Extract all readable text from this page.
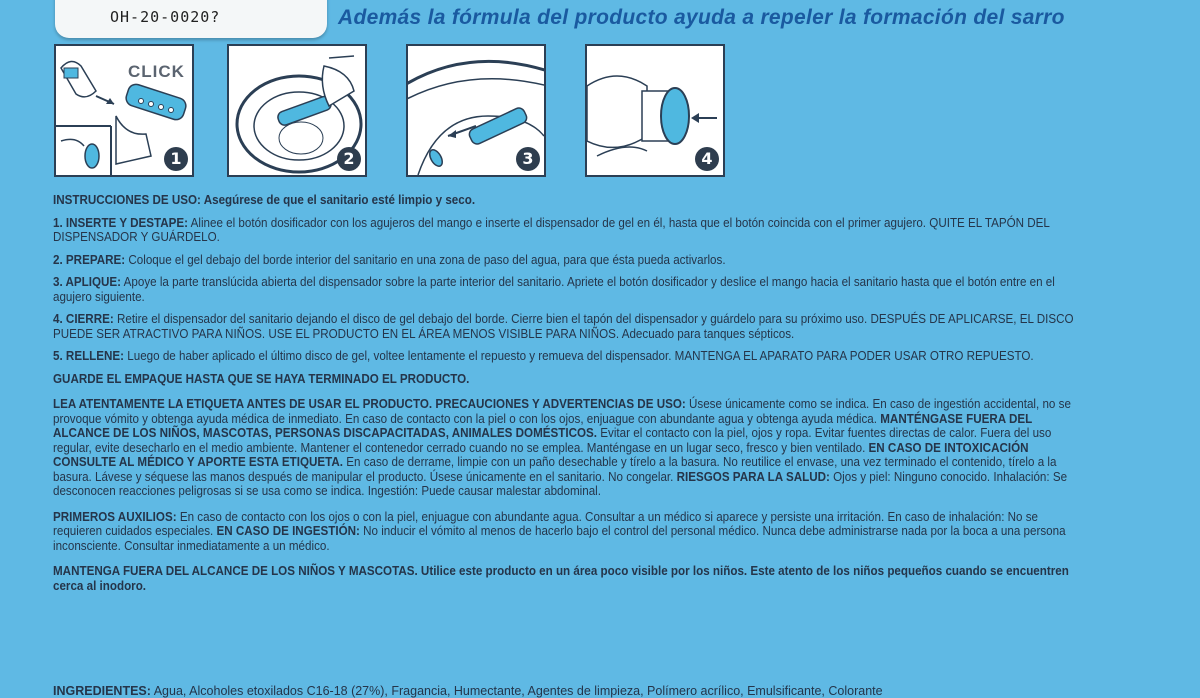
OH-20-0020?	Además la fórmula del producto ayuda a repeler la formación del sarro
CLICK
1	2	3	4

INSTRUCCIONES DE USO: Asegúrese de que el sanitario esté limpio y seco.

1. INSERTE Y DESTAPE: Alinee el botón dosificador con los agujeros del mango e inserte el dispensador de gel en él, hasta que el botón coincida con el primer agujero. QUITE EL TAPÓN DEL DISPENSADOR Y GUÁRDELO.

2. PREPARE: Coloque el gel debajo del borde interior del sanitario en una zona de paso del agua, para que ésta pueda activarlos.

3. APLIQUE: Apoye la parte translúcida abierta del dispensador sobre la parte interior del sanitario. Apriete el botón dosificador y deslice el mango hacia el sanitario hasta que el botón entre en el agujero siguiente.

4. CIERRE: Retire el dispensador del sanitario dejando el disco de gel debajo del borde. Cierre bien el tapón del dispensador y guárdelo para su próximo uso. DESPUÉS DE APLICARSE, EL DISCO PUEDE SER ATRACTIVO PARA NIÑOS. USE EL PRODUCTO EN EL ÁREA MENOS VISIBLE PARA NIÑOS. Adecuado para tanques sépticos.

5. RELLENE: Luego de haber aplicado el último disco de gel, voltee lentamente el repuesto y remueva del dispensador. MANTENGA EL APARATO PARA PODER USAR OTRO REPUESTO.

GUARDE EL EMPAQUE HASTA QUE SE HAYA TERMINADO EL PRODUCTO.

LEA ATENTAMENTE LA ETIQUETA ANTES DE USAR EL PRODUCTO. PRECAUCIONES Y ADVERTENCIAS DE USO: Úsese únicamente como se indica. En caso de ingestión accidental, no se provoque vómito y obtenga ayuda médica de inmediato. En caso de contacto con la piel o con los ojos, enjuague con abundante agua y obtenga ayuda médica. MANTÉNGASE FUERA DEL ALCANCE DE LOS NIÑOS, MASCOTAS, PERSONAS DISCAPACITADAS, ANIMALES DOMÉSTICOS. Evitar el contacto con la piel, ojos y ropa. Evitar fuentes directas de calor. Fuera del uso regular, evite desecharlo en el medio ambiente. Mantener el contenedor cerrado cuando no se emplea. Manténgase en un lugar seco, fresco y bien ventilado. EN CASO DE INTOXICACIÓN CONSULTE AL MÉDICO Y APORTE ESTA ETIQUETA. En caso de derrame, limpie con un paño desechable y tírelo a la basura. No reutilice el envase, una vez terminado el contenido, tírelo a la basura. Lávese y séquese las manos después de manipular el producto. Úsese únicamente en el sanitario. No congelar. RIESGOS PARA LA SALUD: Ojos y piel: Ninguno conocido. Inhalación: Se desconocen reacciones peligrosas si se usa como se indica. Ingestión: Puede causar malestar abdominal.

PRIMEROS AUXILIOS: En caso de contacto con los ojos o con la piel, enjuague con abundante agua. Consultar a un médico si aparece y persiste una irritación. En caso de inhalación: No se requieren cuidados especiales. EN CASO DE INGESTIÓN: No inducir el vómito al menos de hacerlo bajo el control del personal médico. Nunca debe administrarse nada por la boca a una persona inconsciente. Consultar inmediatamente a un médico.

MANTENGA FUERA DEL ALCANCE DE LOS NIÑOS Y MASCOTAS. Utilice este producto en un área poco visible por los niños. Este atento de los niños pequeños cuando se encuentren cerca al inodoro.

INGREDIENTES: Agua, Alcoholes etoxilados C16-18 (27%), Fragancia, Humectante, Agentes de limpieza, Polímero acrílico, Emulsificante, Colorante
